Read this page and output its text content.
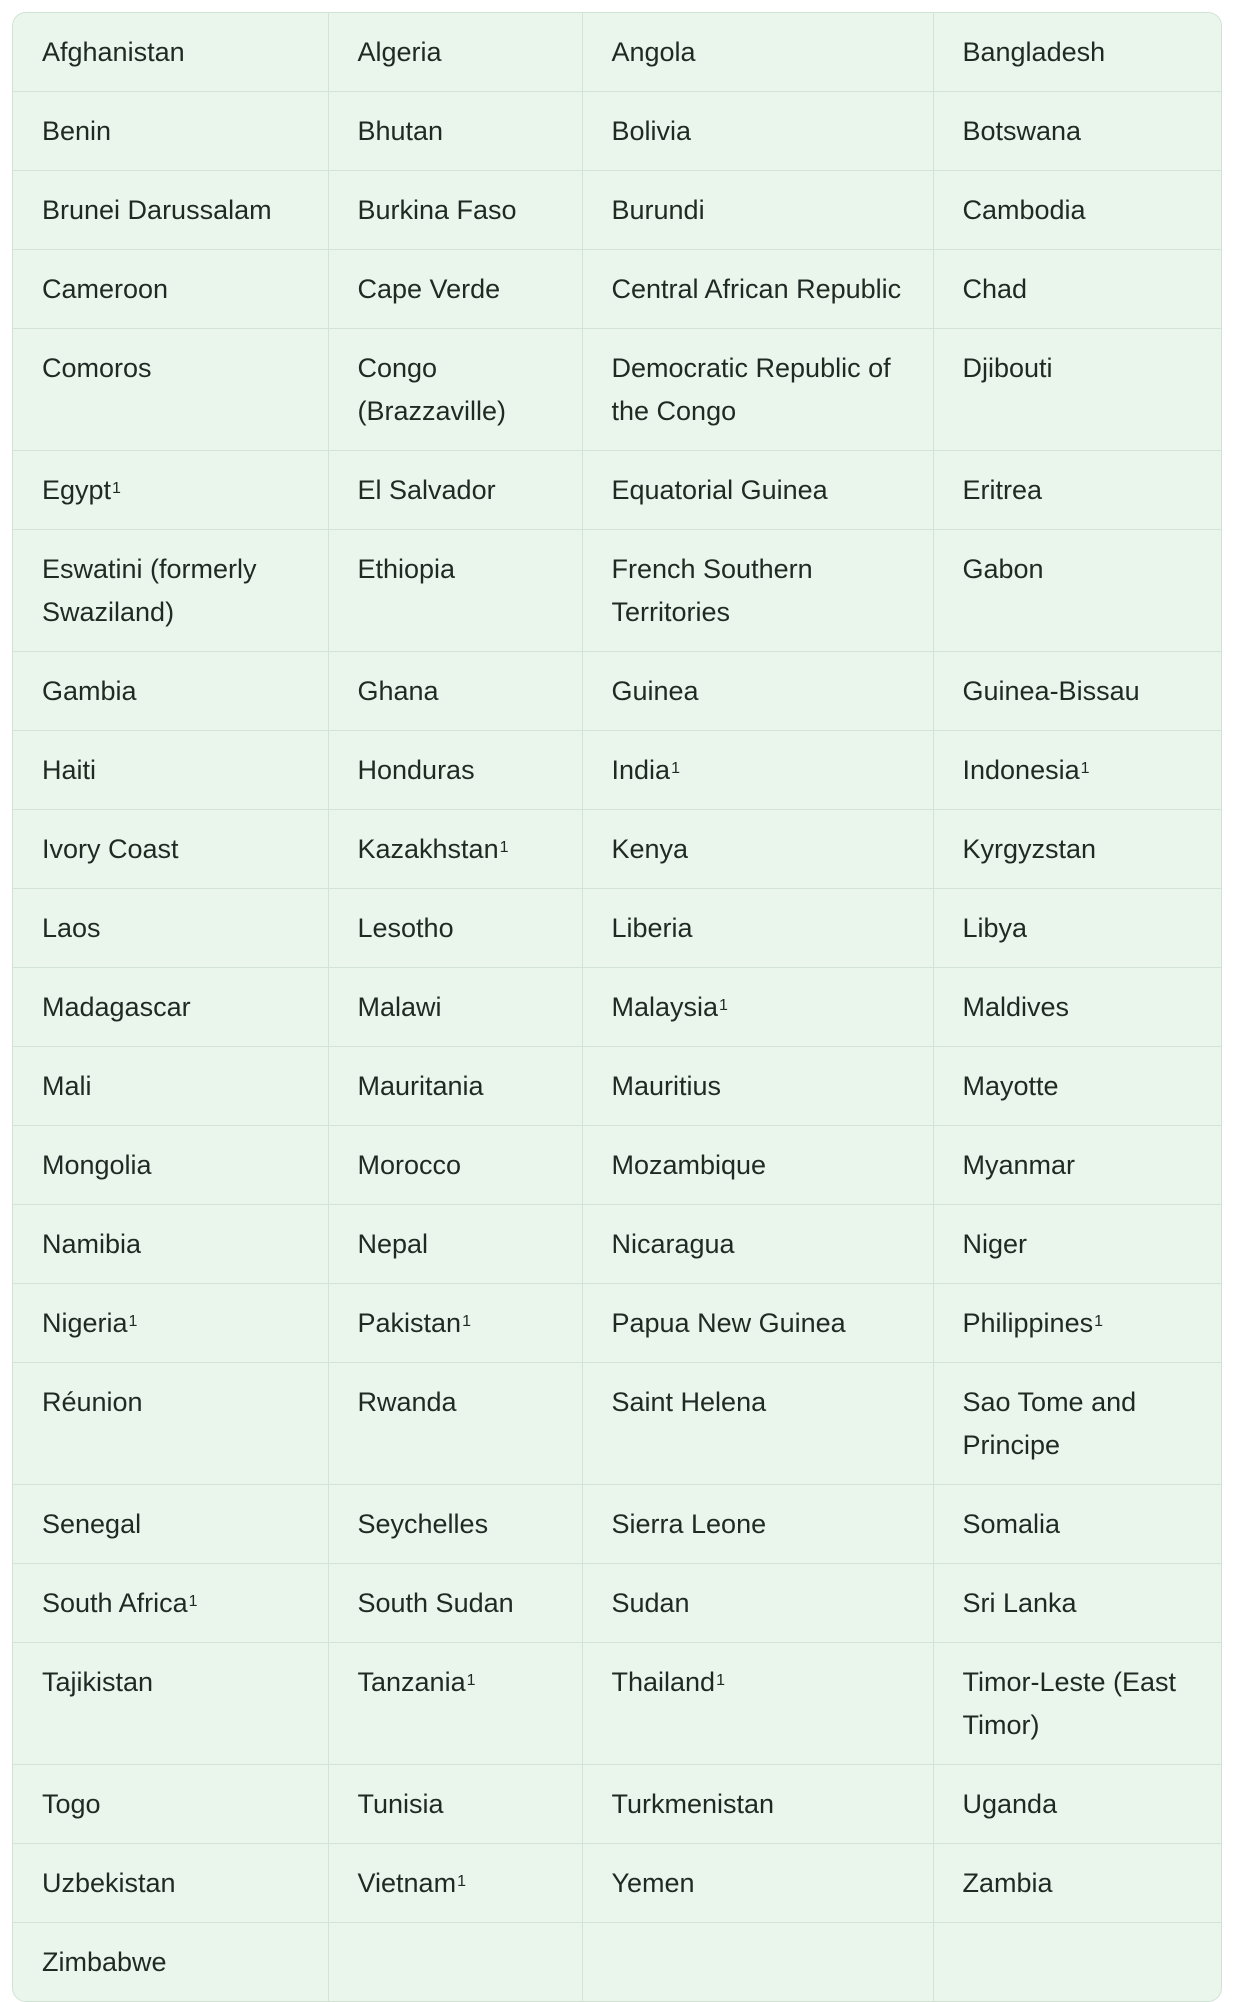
Afghanistan	Algeria	Angola	Bangladesh
Benin	Bhutan	Bolivia	Botswana
Brunei Darussalam	Burkina Faso	Burundi	Cambodia
Cameroon	Cape Verde	Central African Republic	Chad
Comoros	Congo (Brazzaville)	Democratic Republic of the Congo	Djibouti
Egypt$^1$	El Salvador	Equatorial Guinea	Eritrea
Eswatini (formerly Swaziland)	Ethiopia	French Southern Territories	Gabon
Gambia	Ghana	Guinea	Guinea-Bissau
Haiti	Honduras	India$^1$	Indonesia$^1$
Ivory Coast	Kazakhstan$^1$	Kenya	Kyrgyzstan
Laos	Lesotho	Liberia	Libya
Madagascar	Malawi	Malaysia$^1$	Maldives
Mali	Mauritania	Mauritius	Mayotte
Mongolia	Morocco	Mozambique	Myanmar
Namibia	Nepal	Nicaragua	Niger
Nigeria$^1$	Pakistan$^1$	Papua New Guinea	Philippines$^1$
Réunion	Rwanda	Saint Helena	Sao Tome and Principe
Senegal	Seychelles	Sierra Leone	Somalia
South Africa$^1$	South Sudan	Sudan	Sri Lanka
Tajikistan	Tanzania$^1$	Thailand$^1$	Timor-Leste (East Timor)
Togo	Tunisia	Turkmenistan	Uganda
Uzbekistan	Vietnam$^1$	Yemen	Zambia
Zimbabwe			
